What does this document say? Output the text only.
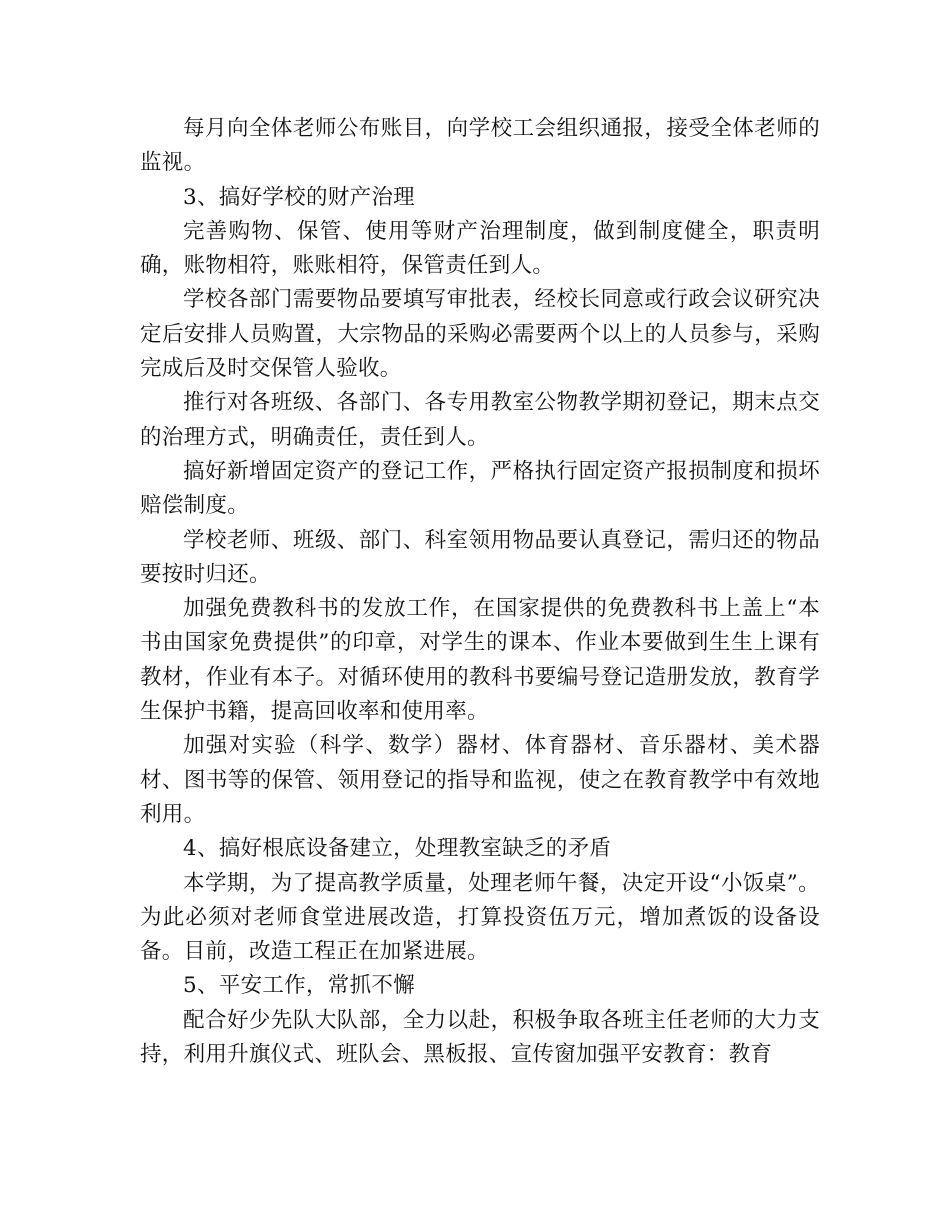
每月向全体老师公布账目，向学校工会组织通报，接受全体老师的监视。

3、搞好学校的财产治理

完善购物、保管、使用等财产治理制度，做到制度健全，职责明确，账物相符，账账相符，保管责任到人。

学校各部门需要物品要填写审批表，经校长同意或行政会议研究决定后安排人员购置，大宗物品的采购必需要两个以上的人员参与，采购完成后及时交保管人验收。

推行对各班级、各部门、各专用教室公物教学期初登记，期末点交的治理方式，明确责任，责任到人。

搞好新增固定资产的登记工作，严格执行固定资产报损制度和损坏赔偿制度。

学校老师、班级、部门、科室领用物品要认真登记，需归还的物品要按时归还。

加强免费教科书的发放工作，在国家提供的免费教科书上盖上“本书由国家免费提供”的印章，对学生的课本、作业本要做到生生上课有教材，作业有本子。对循环使用的教科书要编号登记造册发放，教育学生保护书籍，提高回收率和使用率。

加强对实验（科学、数学）器材、体育器材、音乐器材、美术器材、图书等的保管、领用登记的指导和监视，使之在教育教学中有效地利用。

4、搞好根底设备建立，处理教室缺乏的矛盾

本学期，为了提高教学质量，处理老师午餐，决定开设“小饭桌”。为此必须对老师食堂进展改造，打算投资伍万元，增加煮饭的设备设备。目前，改造工程正在加紧进展。

5、平安工作，常抓不懈

配合好少先队大队部，全力以赴，积极争取各班主任老师的大力支持，利用升旗仪式、班队会、黑板报、宣传窗加强平安教育：教育
